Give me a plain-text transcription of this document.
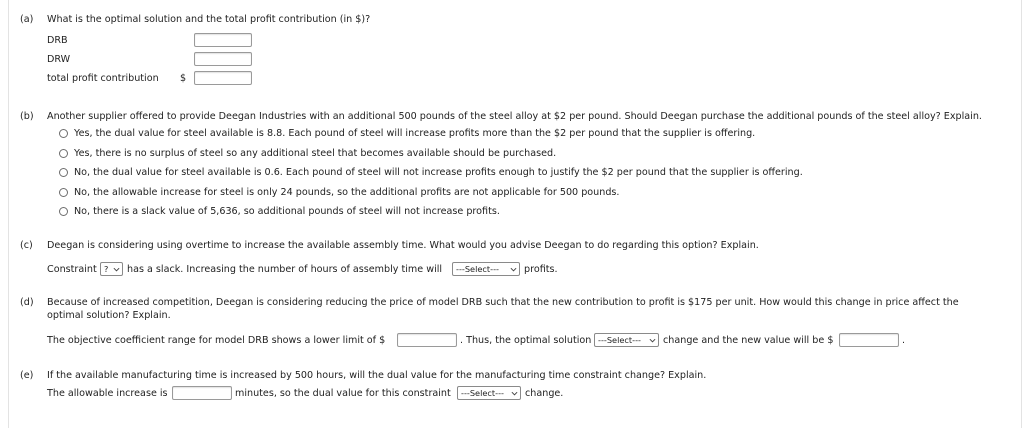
(a) What is the optimal solution and the total profit contribution (in $)?
DRB
DRW
total profit contribution $
(b) Another supplier offered to provide Deegan Industries with an additional 500 pounds of the steel alloy at $2 per pound. Should Deegan purchase the additional pounds of the steel alloy? Explain.
Yes, the dual value for steel available is 8.8. Each pound of steel will increase profits more than the $2 per pound that the supplier is offering.
Yes, there is no surplus of steel so any additional steel that becomes available should be purchased.
No, the dual value for steel available is 0.6. Each pound of steel will not increase profits enough to justify the $2 per pound that the supplier is offering.
No, the allowable increase for steel is only 24 pounds, so the additional profits are not applicable for 500 pounds.
No, there is a slack value of 5,636, so additional pounds of steel will not increase profits.
(c) Deegan is considering using overtime to increase the available assembly time. What would you advise Deegan to do regarding this option? Explain.
Constraint ? has a slack. Increasing the number of hours of assembly time will ---Select---	profits.
(d) Because of increased competition, Deegan is considering reducing the price of model DRB such that the new contribution to profit is $175 per unit. How would this change in price affect the
optimal solution? Explain.
The objective coefficient range for model DRB shows a lower limit of $	. Thus, the optimal solution ---Select--- change and the new value will be $	.
(e) If the available manufacturing time is increased by 500 hours, will the dual value for the manufacturing time constraint change? Explain.
The allowable increase is	minutes, so the dual value for this constraint ---Select--- change.
